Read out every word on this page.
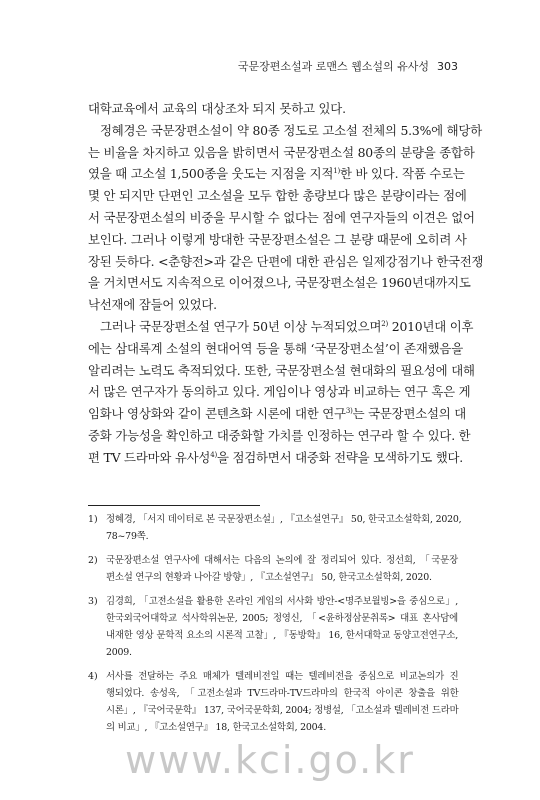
국문장편소설과 로맨스 웹소설의 유사성 303
대학교육에서 교육의 대상조차 되지 못하고 있다.
정혜경은 국문장편소설이 약 80종 정도로 고소설 전체의 5.3%에 해당하
는 비율을 차지하고 있음을 밝히면서 국문장편소설 80종의 분량을 종합하
였을 때 고소설 1,500종을 웃도는 지점을 지적$^{1)}$한 바 있다. 작품 수로는
몇 안 되지만 단편인 고소설을 모두 합한 총량보다 많은 분량이라는 점에
서 국문장편소설의 비중을 무시할 수 없다는 점에 연구자들의 이견은 없어
보인다. 그러나 이렇게 방대한 국문장편소설은 그 분량 때문에 오히려 사
장된 듯하다. <춘향전>과 같은 단편에 대한 관심은 일제강점기나 한국전쟁
을 거치면서도 지속적으로 이어졌으나, 국문장편소설은 1960년대까지도
낙선재에 잠들어 있었다.
그러나 국문장편소설 연구가 50년 이상 누적되었으며$^{2)}$ 2010년대 이후
에는 삼대록계 소설의 현대어역 등을 통해 ‘국문장편소설’이 존재했음을
알리려는 노력도 축적되었다. 또한, 국문장편소설 현대화의 필요성에 대해
서 많은 연구자가 동의하고 있다. 게임이나 영상과 비교하는 연구 혹은 게
임화나 영상화와 같이 콘텐츠화 시론에 대한 연구$^{3)}$는 국문장편소설의 대
중화 가능성을 확인하고 대중화할 가치를 인정하는 연구라 할 수 있다. 한
편 TV 드라마와 유사성$^{4)}$을 점검하면서 대중화 전략을 모색하기도 했다.
1) 정혜경, 「서지 데이터로 본 국문장편소설」, 『고소설연구』 50, 한국고소설학회, 2020,
78~79쪽.
2) 국문장편소설 연구사에 대해서는 다음의 논의에 잘 정리되어 있다. 정선희, 「국문장
편소설 연구의 현황과 나아갈 방향」, 『고소설연구』 50, 한국고소설학회, 2020.
3) 김경희, 「고전소설을 활용한 온라인 게임의 서사화 방안-<명주보월빙>을 중심으로」,
한국외국어대학교 석사학위논문, 2005; 정영신, 「<윤하정삼문취록> 대표 혼사담에
내재한 영상 문학적 요소의 시론적 고찰」, 『동방학』 16, 한서대학교 동양고전연구소,
2009.
4) 서사를 전달하는 주요 매체가 텔레비전일 때는 텔레비전을 중심으로 비교논의가 진
행되었다. 송성욱, 「고전소설과 TV드라마-TV드라마의 한국적 아이콘 창출을 위한
시론」, 『국어국문학』 137, 국어국문학회, 2004; 정병설, 「고소설과 텔레비전 드라마
의 비교」, 『고소설연구』 18, 한국고소설학회, 2004.
www.kci.go.kr
